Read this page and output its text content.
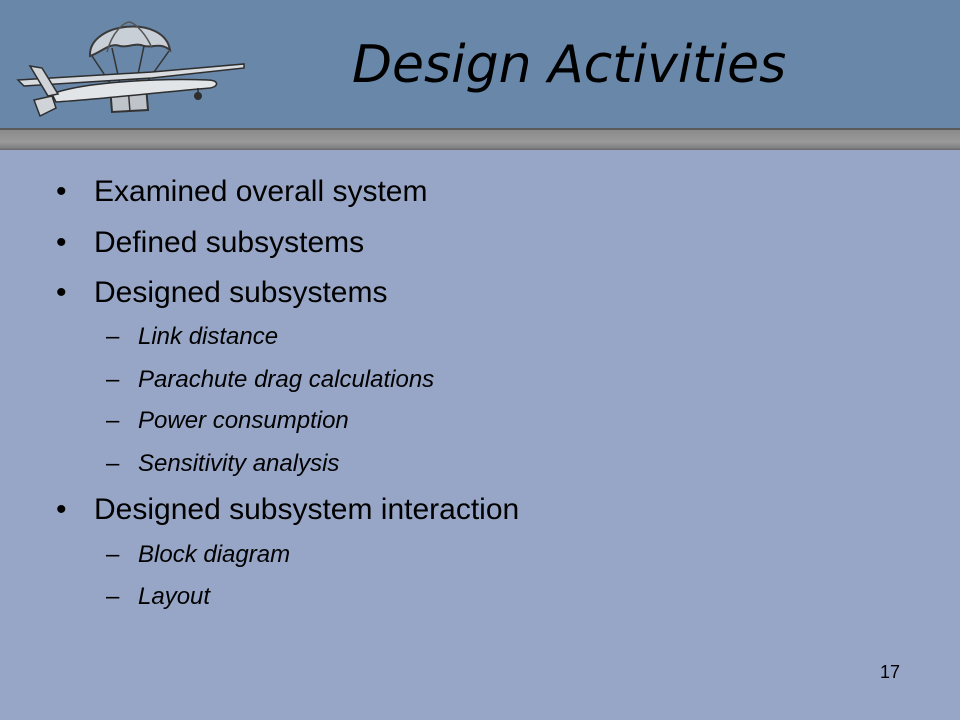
Design Activities
• Examined overall system
• Defined subsystems
• Designed subsystems
– Link distance
– Parachute drag calculations
– Power consumption
– Sensitivity analysis
• Designed subsystem interaction
– Block diagram
– Layout
17
